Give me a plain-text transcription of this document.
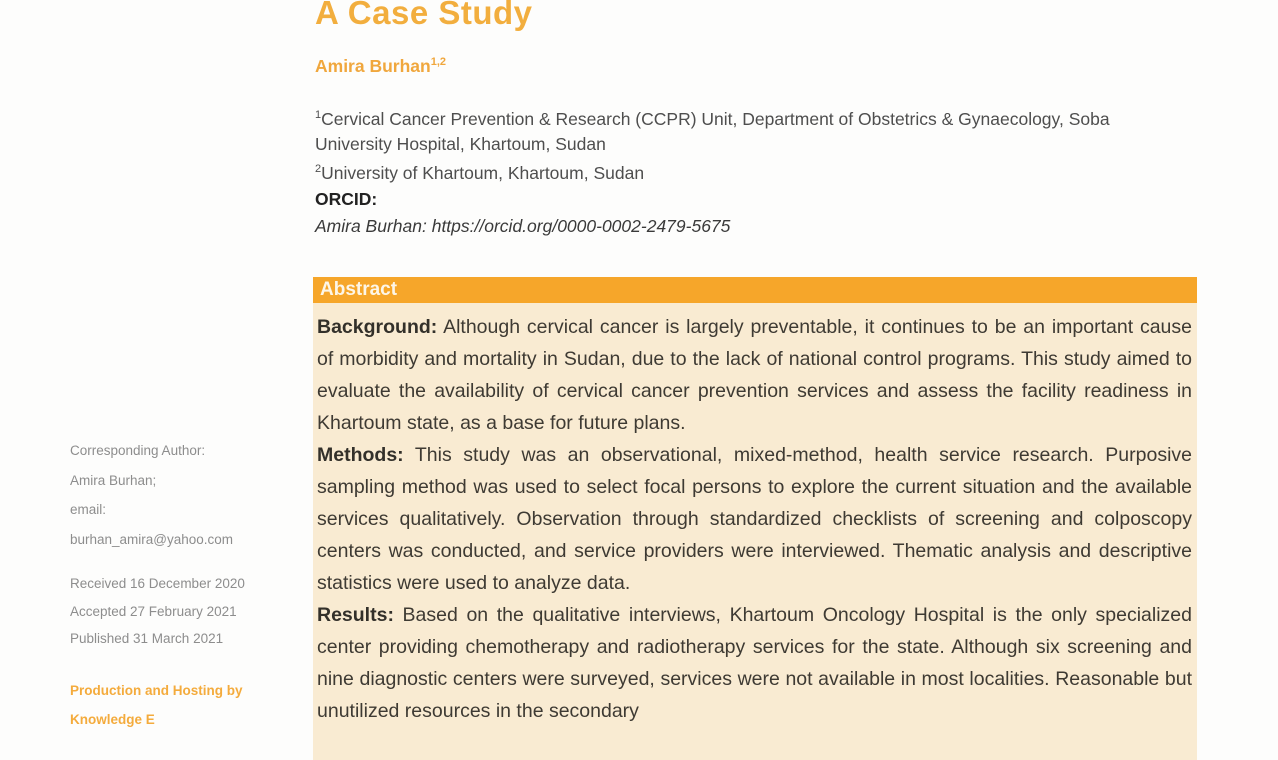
A Case Study
Amira Burhan$^{1,2}$

$^1$Cervical Cancer Prevention & Research (CCPR) Unit, Department of Obstetrics & Gynaecology, Soba University Hospital, Khartoum, Sudan

$^2$University of Khartoum, Khartoum, Sudan

ORCID:

Amira Burhan: https://orcid.org/0000-0002-2479-5675

Abstract

Background: Although cervical cancer is largely preventable, it continues to be an important cause of morbidity and mortality in Sudan, due to the lack of national control programs. This study aimed to evaluate the availability of cervical cancer prevention services and assess the facility readiness in Khartoum state, as a base for future plans.

Methods: This study was an observational, mixed-method, health service research. Purposive sampling method was used to select focal persons to explore the current situation and the available services qualitatively. Observation through standardized checklists of screening and colposcopy centers was conducted, and service providers were interviewed. Thematic analysis and descriptive statistics were used to analyze data.

Results: Based on the qualitative interviews, Khartoum Oncology Hospital is the only specialized center providing chemotherapy and radiotherapy services for the state. Although six screening and nine diagnostic centers were surveyed, services were not available in most localities. Reasonable but unutilized resources in the secondary

Corresponding Author:

Amira Burhan;

email:

burhan_amira@yahoo.com

Received 16 December 2020

Accepted 27 February 2021

Published 31 March 2021

Production and Hosting by

Knowledge E
